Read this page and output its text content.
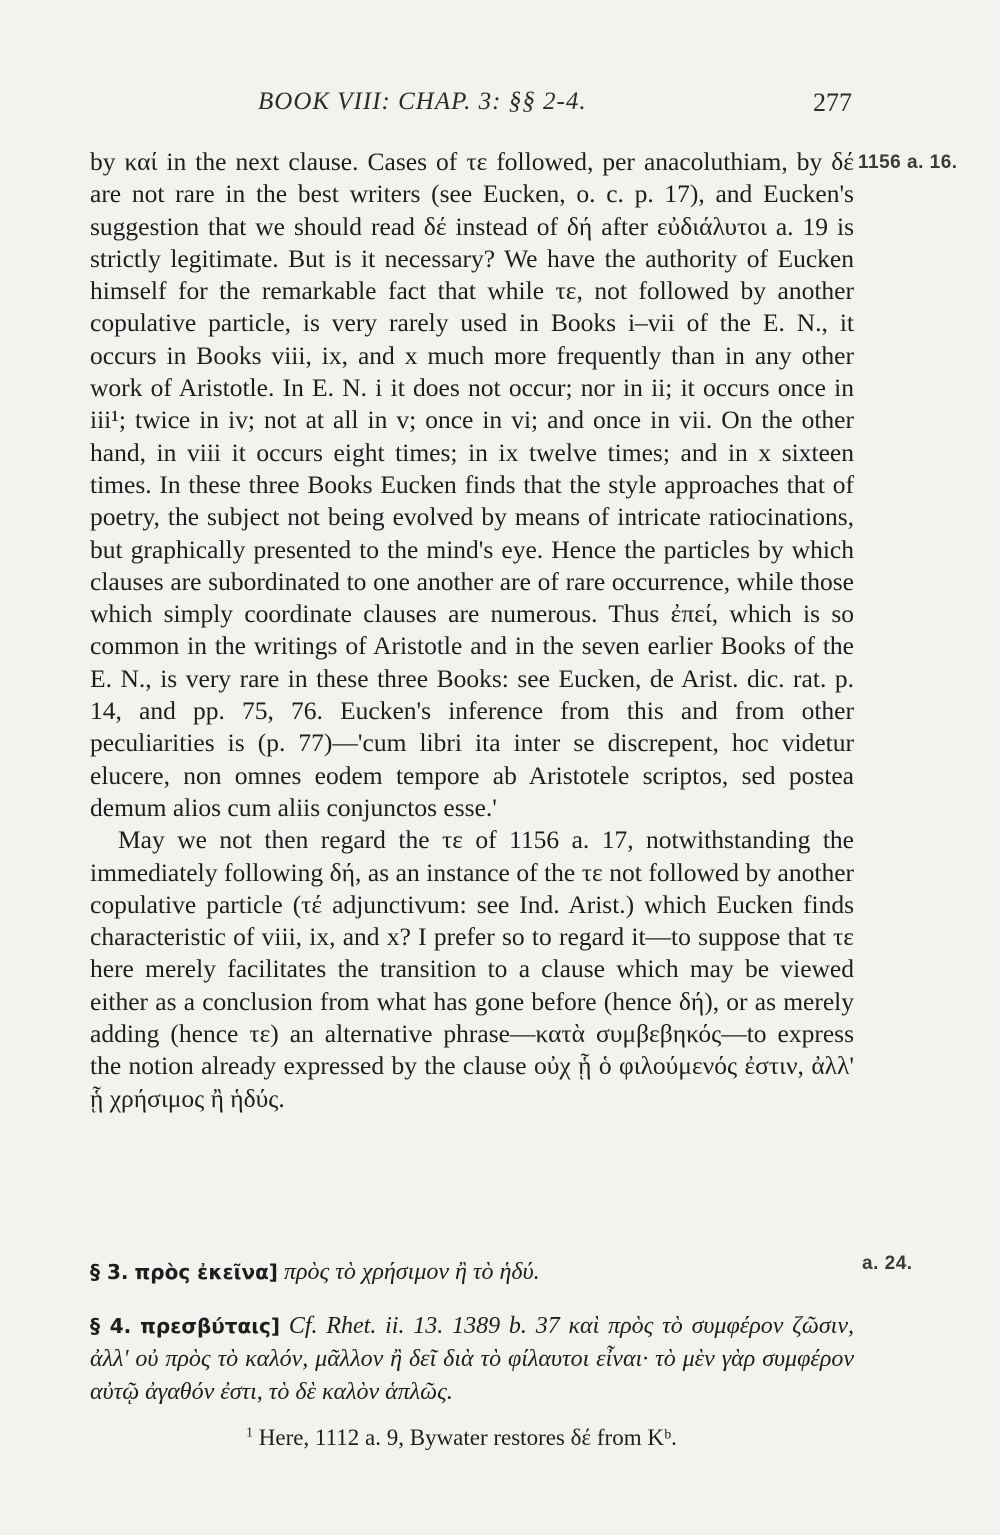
BOOK VIII: CHAP. 3: §§ 2-4.	277
1156 a. 16.

by καί in the next clause. Cases of τε followed, per anacoluthiam, by δέ are not rare in the best writers (see Eucken, o. c. p. 17), and Eucken's suggestion that we should read δέ instead of δή after εὐδιάλυτοι a. 19 is strictly legitimate. But is it necessary? We have the authority of Eucken himself for the remarkable fact that while τε, not followed by another copulative particle, is very rarely used in Books i–vii of the E. N., it occurs in Books viii, ix, and x much more frequently than in any other work of Aristotle. In E. N. i it does not occur; nor in ii; it occurs once in iii¹; twice in iv; not at all in v; once in vi; and once in vii. On the other hand, in viii it occurs eight times; in ix twelve times; and in x sixteen times. In these three Books Eucken finds that the style approaches that of poetry, the subject not being evolved by means of intricate ratiocinations, but graphically presented to the mind's eye. Hence the particles by which clauses are subordinated to one another are of rare occurrence, while those which simply coordinate clauses are numerous. Thus ἐπεί, which is so common in the writings of Aristotle and in the seven earlier Books of the E. N., is very rare in these three Books: see Eucken, de Arist. dic. rat. p. 14, and pp. 75, 76. Eucken's inference from this and from other peculiarities is (p. 77)—'cum libri ita inter se discrepent, hoc videtur elucere, non omnes eodem tempore ab Aristotele scriptos, sed postea demum alios cum aliis conjunctos esse.'

May we not then regard the τε of 1156 a. 17, notwithstanding the immediately following δή, as an instance of the τε not followed by another copulative particle (τέ adjunctivum: see Ind. Arist.) which Eucken finds characteristic of viii, ix, and x? I prefer so to regard it—to suppose that τε here merely facilitates the transition to a clause which may be viewed either as a conclusion from what has gone before (hence δή), or as merely adding (hence τε) an alternative phrase—κατὰ συμβεβηκός—to express the notion already expressed by the clause οὐχ ᾗ ὁ φιλούμενός ἐστιν, ἀλλ' ᾗ χρήσιμος ἢ ἡδύς.

§ 3. πρὸς ἐκεῖνα] πρὸς τὸ χρήσιμον ἢ τὸ ἡδύ.	a. 24.
§ 4. πρεσβύταις] Cf. Rhet. ii. 13. 1389 b. 37 καὶ πρὸς τὸ συμφέρον ζῶσιν, ἀλλ' οὐ πρὸς τὸ καλόν, μᾶλλον ἢ δεῖ διὰ τὸ φίλαυτοι εἶναι· τὸ μὲν γὰρ συμφέρον αὐτῷ ἀγαθόν ἐστι, τὸ δὲ καλὸν ἁπλῶς.
$^1$ Here, 1112 a. 9, Bywater restores δέ from Kᵇ.
